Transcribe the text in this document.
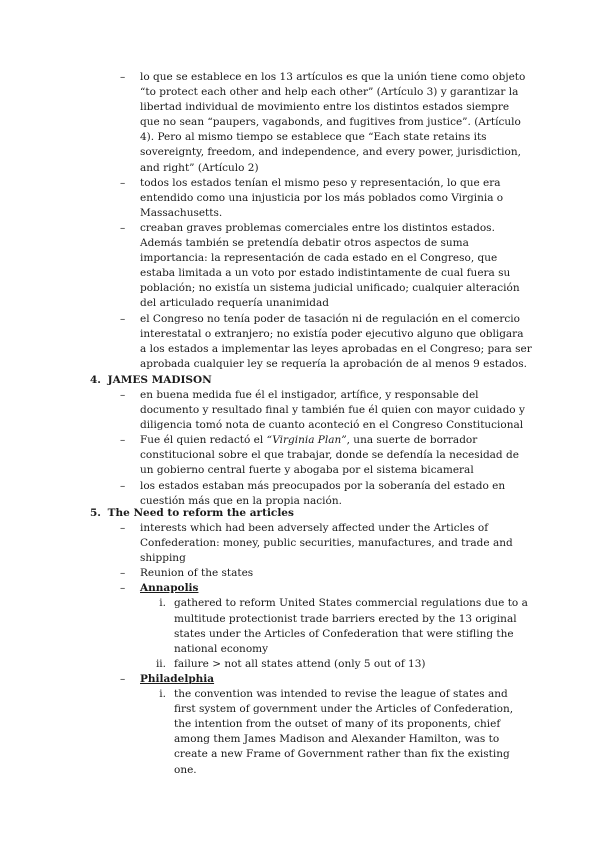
– lo que se establece en los 13 artículos es que la unión tiene como objeto “to protect each other and help each other” (Artículo 3) y garantizar la libertad individual de movimiento entre los distintos estados siempre que no sean “paupers, vagabonds, and fugitives from justice”. (Artículo 4). Pero al mismo tiempo se establece que “Each state retains its sovereignty, freedom, and independence, and every power, jurisdiction, and right” (Artículo 2)
– todos los estados tenían el mismo peso y representación, lo que era entendido como una injusticia por los más poblados como Virginia o Massachusetts.
– creaban graves problemas comerciales entre los distintos estados. Además también se pretendía debatir otros aspectos de suma importancia: la representación de cada estado en el Congreso, que estaba limitada a un voto por estado indistintamente de cual fuera su población; no existía un sistema judicial unificado; cualquier alteración del articulado requería unanimidad
– el Congreso no tenía poder de tasación ni de regulación en el comercio interestatal o extranjero; no existía poder ejecutivo alguno que obligara a los estados a implementar las leyes aprobadas en el Congreso; para ser aprobada cualquier ley se requería la aprobación de al menos 9 estados.
4. JAMES MADISON
– en buena medida fue él el instigador, artífice, y responsable del documento y resultado final y también fue él quien con mayor cuidado y diligencia tomó nota de cuanto aconteció en el Congreso Constitucional
– Fue él quien redactó el “Virginia Plan”, una suerte de borrador constitucional sobre el que trabajar, donde se defendía la necesidad de un gobierno central fuerte y abogaba por el sistema bicameral
– los estados estaban más preocupados por la soberanía del estado en cuestión más que en la propia nación.
5. The Need to reform the articles
– interests which had been adversely affected under the Articles of Confederation: money, public securities, manufactures, and trade and shipping
– Reunion of the states
– Annapolis
i. gathered to reform United States commercial regulations due to a multitude protectionist trade barriers erected by the 13 original states under the Articles of Confederation that were stifling the national economy
ii. failure > not all states attend (only 5 out of 13)
– Philadelphia
i. the convention was intended to revise the league of states and first system of government under the Articles of Confederation, the intention from the outset of many of its proponents, chief among them James Madison and Alexander Hamilton, was to create a new Frame of Government rather than fix the existing one.
